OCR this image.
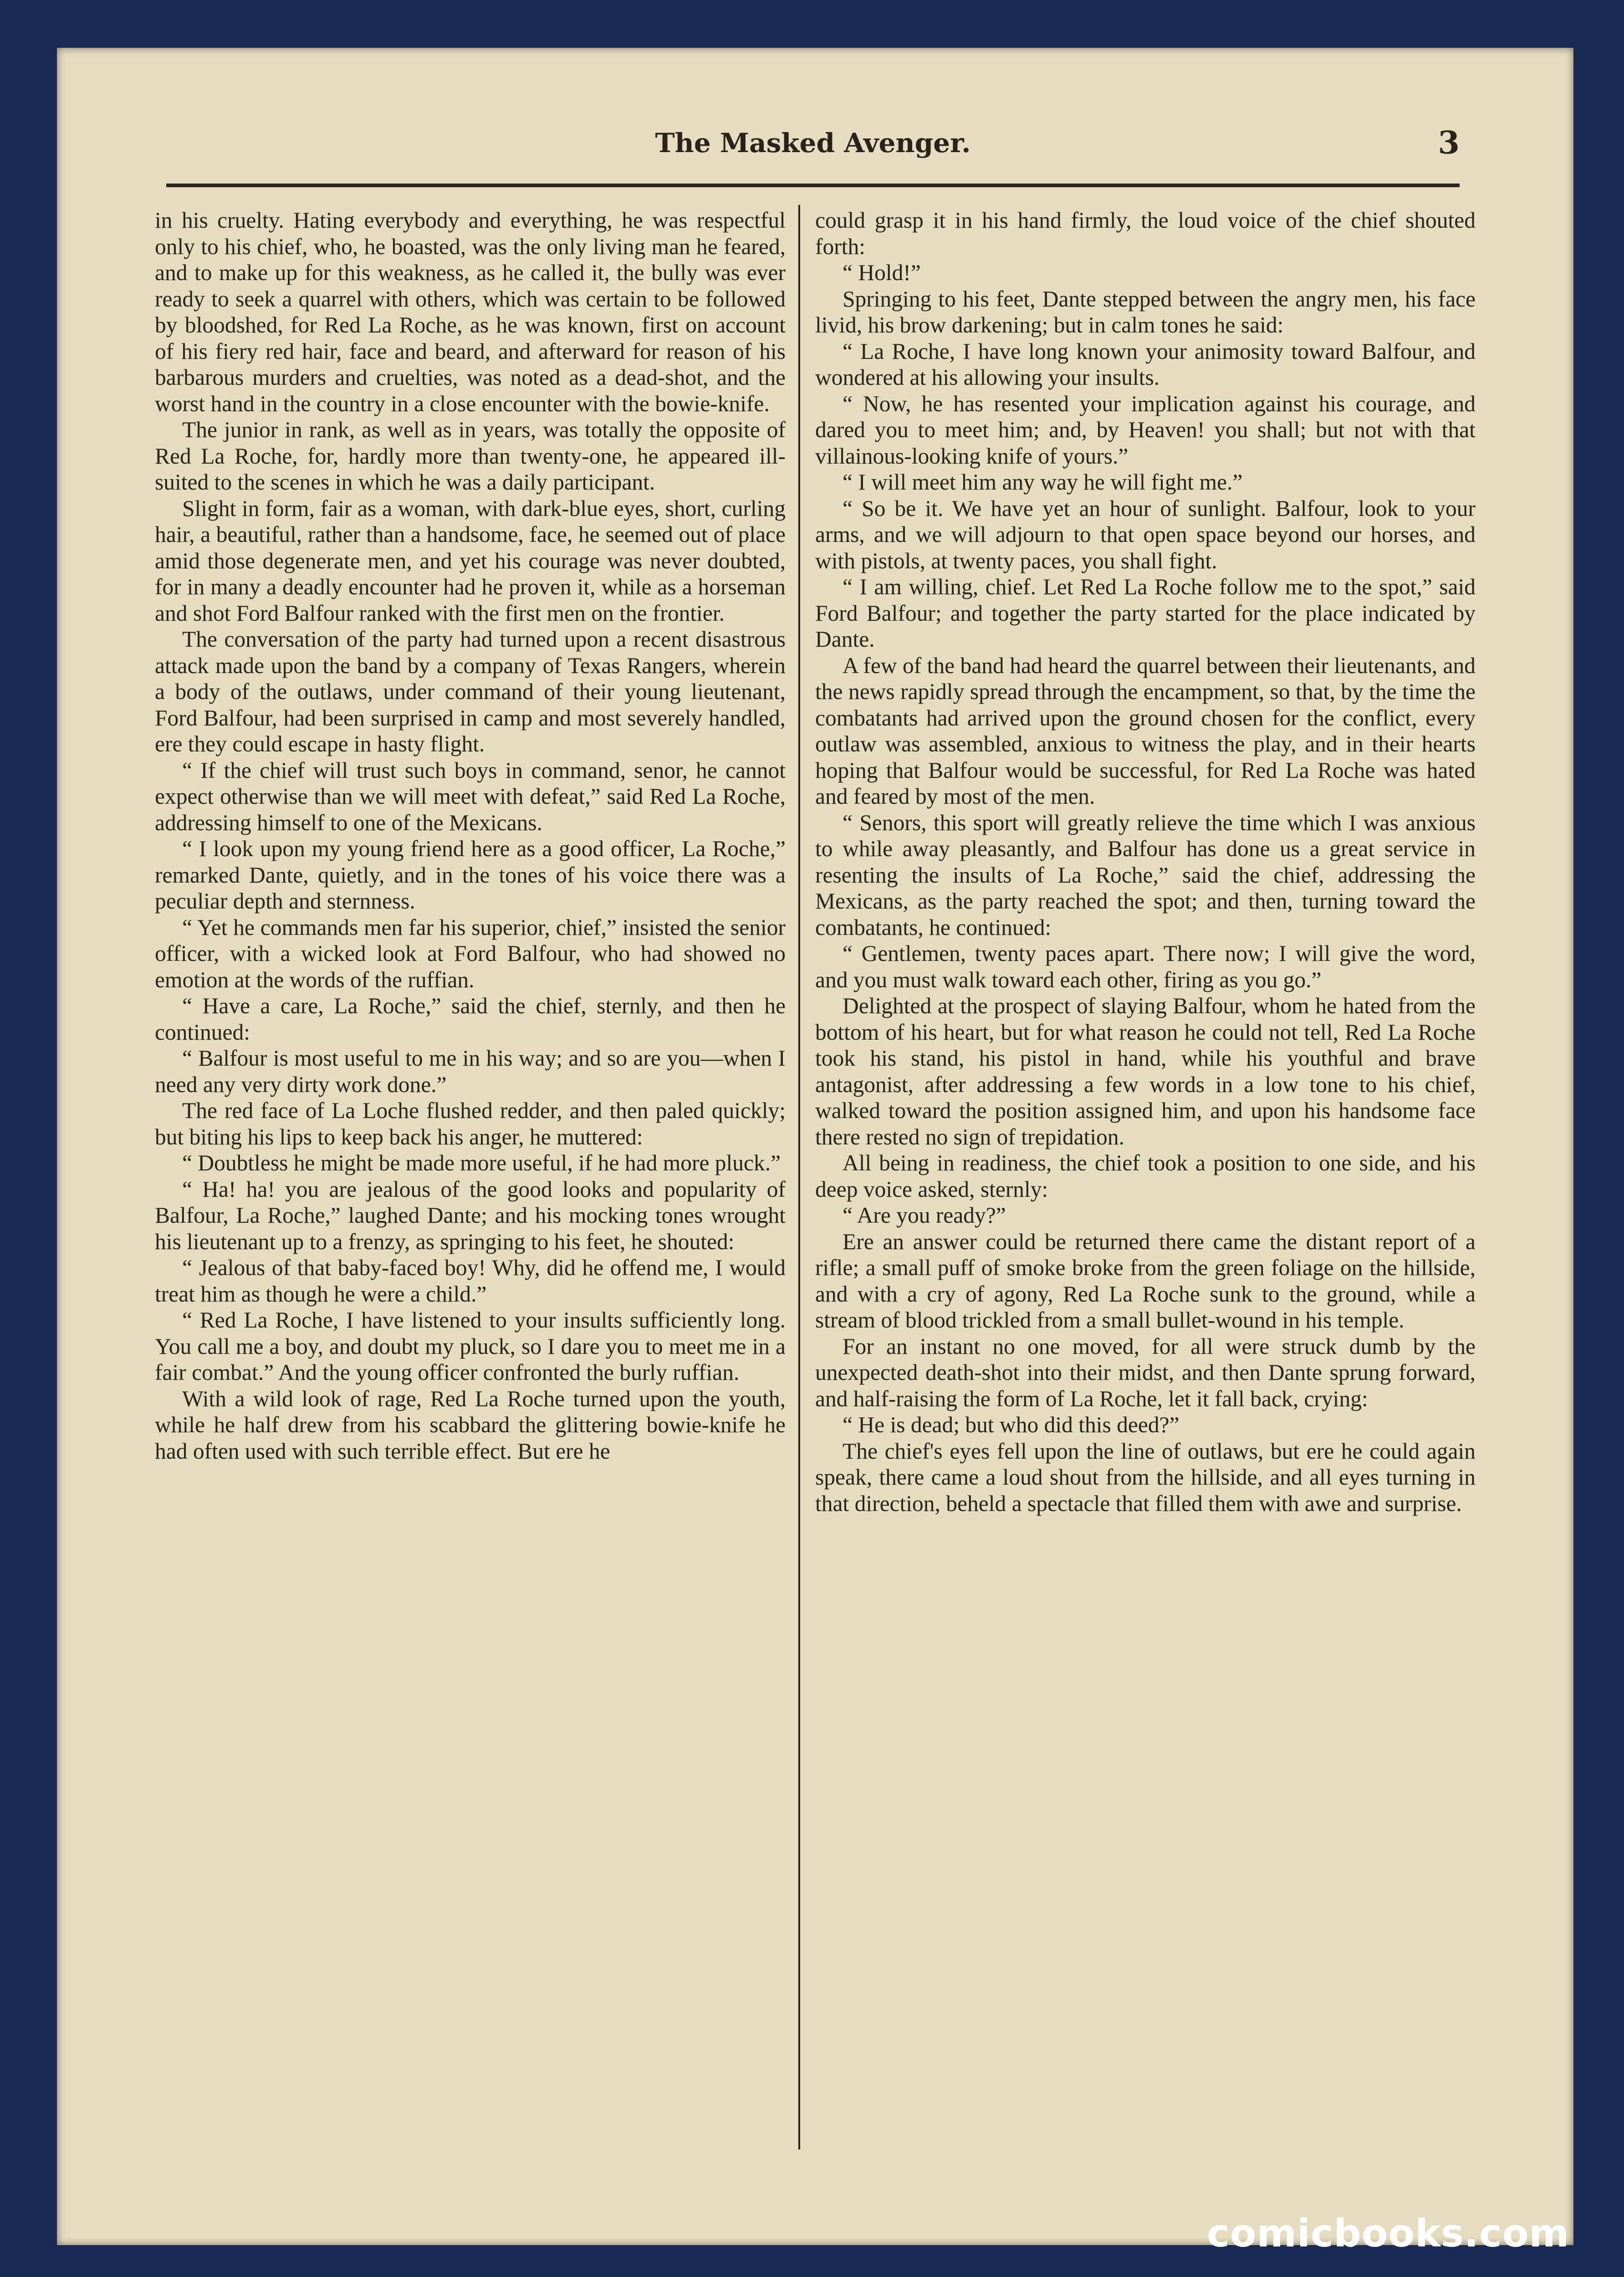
The Masked Avenger.	3

in his cruelty. Hating everybody and everything, he was respectful only to his chief, who, he boasted, was the only living man he feared, and to make up for this weakness, as he called it, the bully was ever ready to seek a quarrel with others, which was certain to be followed by bloodshed, for Red La Roche, as he was known, first on account of his fiery red hair, face and beard, and afterward for reason of his barbarous murders and cruelties, was noted as a dead-shot, and the worst hand in the country in a close encounter with the bowie-knife.

The junior in rank, as well as in years, was totally the opposite of Red La Roche, for, hardly more than twenty-one, he appeared ill-suited to the scenes in which he was a daily participant.

Slight in form, fair as a woman, with dark-blue eyes, short, curling hair, a beautiful, rather than a handsome, face, he seemed out of place amid those degenerate men, and yet his courage was never doubted, for in many a deadly encounter had he proven it, while as a horseman and shot Ford Balfour ranked with the first men on the frontier.

The conversation of the party had turned upon a recent disastrous attack made upon the band by a company of Texas Rangers, wherein a body of the outlaws, under command of their young lieutenant, Ford Balfour, had been surprised in camp and most severely handled, ere they could escape in hasty flight.

“ If the chief will trust such boys in command, senor, he cannot expect otherwise than we will meet with defeat,” said Red La Roche, addressing himself to one of the Mexicans.

“ I look upon my young friend here as a good officer, La Roche,” remarked Dante, quietly, and in the tones of his voice there was a peculiar depth and sternness.

“ Yet he commands men far his superior, chief,” insisted the senior officer, with a wicked look at Ford Balfour, who had showed no emotion at the words of the ruffian.

“ Have a care, La Roche,” said the chief, sternly, and then he continued:

“ Balfour is most useful to me in his way; and so are you—when I need any very dirty work done.”

The red face of La Loche flushed redder, and then paled quickly; but biting his lips to keep back his anger, he muttered:

“ Doubtless he might be made more useful, if he had more pluck.”

“ Ha! ha! you are jealous of the good looks and popularity of Balfour, La Roche,” laughed Dante; and his mocking tones wrought his lieutenant up to a frenzy, as springing to his feet, he shouted:

“ Jealous of that baby-faced boy! Why, did he offend me, I would treat him as though he were a child.”

“ Red La Roche, I have listened to your insults sufficiently long. You call me a boy, and doubt my pluck, so I dare you to meet me in a fair combat.” And the young officer confronted the burly ruffian.

With a wild look of rage, Red La Roche turned upon the youth, while he half drew from his scabbard the glittering bowie-knife he had often used with such terrible effect. But ere he

could grasp it in his hand firmly, the loud voice of the chief shouted forth:

“ Hold!”

Springing to his feet, Dante stepped between the angry men, his face livid, his brow darkening; but in calm tones he said:

“ La Roche, I have long known your animosity toward Balfour, and wondered at his allowing your insults.

“ Now, he has resented your implication against his courage, and dared you to meet him; and, by Heaven! you shall; but not with that villainous-looking knife of yours.”

“ I will meet him any way he will fight me.”

“ So be it. We have yet an hour of sunlight. Balfour, look to your arms, and we will adjourn to that open space beyond our horses, and with pistols, at twenty paces, you shall fight.

“ I am willing, chief. Let Red La Roche follow me to the spot,” said Ford Balfour; and together the party started for the place indicated by Dante.

A few of the band had heard the quarrel between their lieutenants, and the news rapidly spread through the encampment, so that, by the time the combatants had arrived upon the ground chosen for the conflict, every outlaw was assembled, anxious to witness the play, and in their hearts hoping that Balfour would be successful, for Red La Roche was hated and feared by most of the men.

“ Senors, this sport will greatly relieve the time which I was anxious to while away pleasantly, and Balfour has done us a great service in resenting the insults of La Roche,” said the chief, addressing the Mexicans, as the party reached the spot; and then, turning toward the combatants, he continued:

“ Gentlemen, twenty paces apart. There now; I will give the word, and you must walk toward each other, firing as you go.”

Delighted at the prospect of slaying Balfour, whom he hated from the bottom of his heart, but for what reason he could not tell, Red La Roche took his stand, his pistol in hand, while his youthful and brave antagonist, after addressing a few words in a low tone to his chief, walked toward the position assigned him, and upon his handsome face there rested no sign of trepidation.

All being in readiness, the chief took a position to one side, and his deep voice asked, sternly:

“ Are you ready?”

Ere an answer could be returned there came the distant report of a rifle; a small puff of smoke broke from the green foliage on the hillside, and with a cry of agony, Red La Roche sunk to the ground, while a stream of blood trickled from a small bullet-wound in his temple.

For an instant no one moved, for all were struck dumb by the unexpected death-shot into their midst, and then Dante sprung forward, and half-raising the form of La Roche, let it fall back, crying:

“ He is dead; but who did this deed?”

The chief's eyes fell upon the line of outlaws, but ere he could again speak, there came a loud shout from the hillside, and all eyes turning in that direction, beheld a spectacle that filled them with awe and surprise.

comicbooks.com
